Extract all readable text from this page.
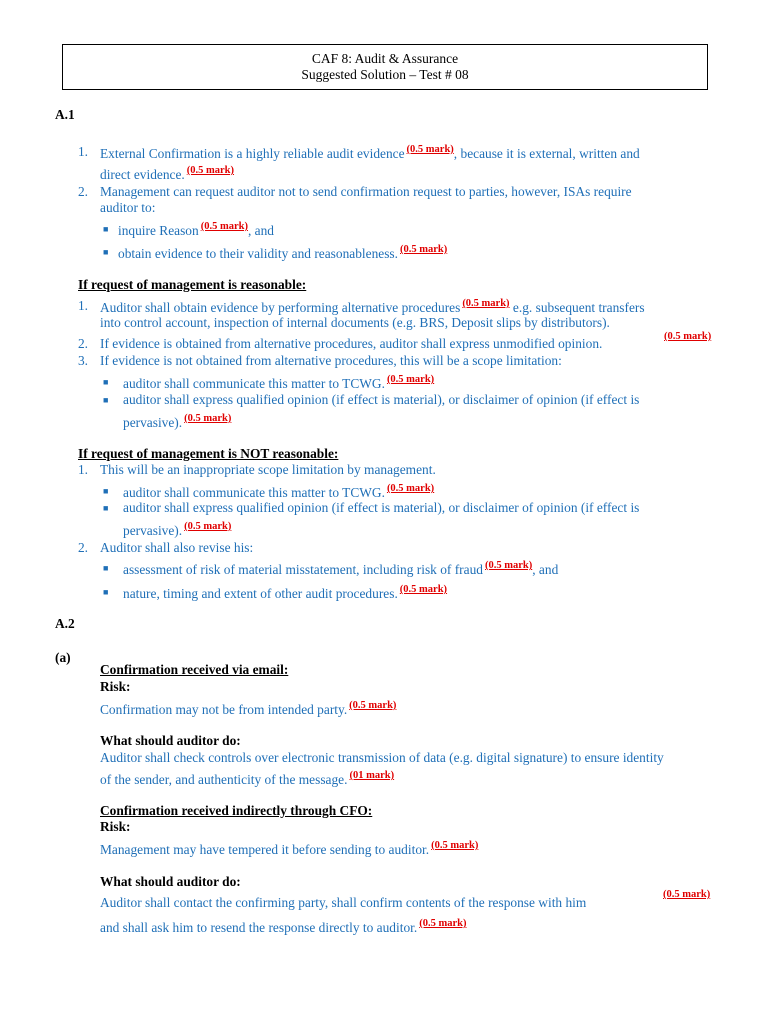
CAF 8: Audit & Assurance
Suggested Solution – Test # 08
A.1
1. External Confirmation is a highly reliable audit evidence $^{(0.5 mark)}$, because it is external, written and
direct evidence. $^{(0.5 mark)}$
2. Management can request auditor not to send confirmation request to parties, however, ISAs require
auditor to:
■ inquire Reason $^{(0.5 mark)}$, and
■ obtain evidence to their validity and reasonableness. $^{(0.5 mark)}$
If request of management is reasonable:
1. Auditor shall obtain evidence by performing alternative procedures $^{(0.5 mark)}$ e.g. subsequent transfers
into control account, inspection of internal documents (e.g. BRS, Deposit slips by distributors).
2. If evidence is obtained from alternative procedures, auditor shall express unmodified opinion.	(0.5 mark)
3. If evidence is not obtained from alternative procedures, this will be a scope limitation:
■ auditor shall communicate this matter to TCWG. $^{(0.5 mark)}$
■ auditor shall express qualified opinion (if effect is material), or disclaimer of opinion (if effect is
pervasive). $^{(0.5 mark)}$
If request of management is NOT reasonable:
1. This will be an inappropriate scope limitation by management.
■ auditor shall communicate this matter to TCWG. $^{(0.5 mark)}$
■ auditor shall express qualified opinion (if effect is material), or disclaimer of opinion (if effect is
pervasive). $^{(0.5 mark)}$
2. Auditor shall also revise his:
■ assessment of risk of material misstatement, including risk of fraud $^{(0.5 mark)}$, and
■ nature, timing and extent of other audit procedures. $^{(0.5 mark)}$
A.2
(a)
Confirmation received via email:
Risk:
Confirmation may not be from intended party. $^{(0.5 mark)}$
What should auditor do:
Auditor shall check controls over electronic transmission of data (e.g. digital signature) to ensure identity
of the sender, and authenticity of the message. $^{(01 mark)}$
Confirmation received indirectly through CFO:
Risk:
Management may have tempered it before sending to auditor. $^{(0.5 mark)}$
What should auditor do:
Auditor shall contact the confirming party, shall confirm contents of the response with him
(0.5 mark)
and shall ask him to resend the response directly to auditor. $^{(0.5 mark)}$
